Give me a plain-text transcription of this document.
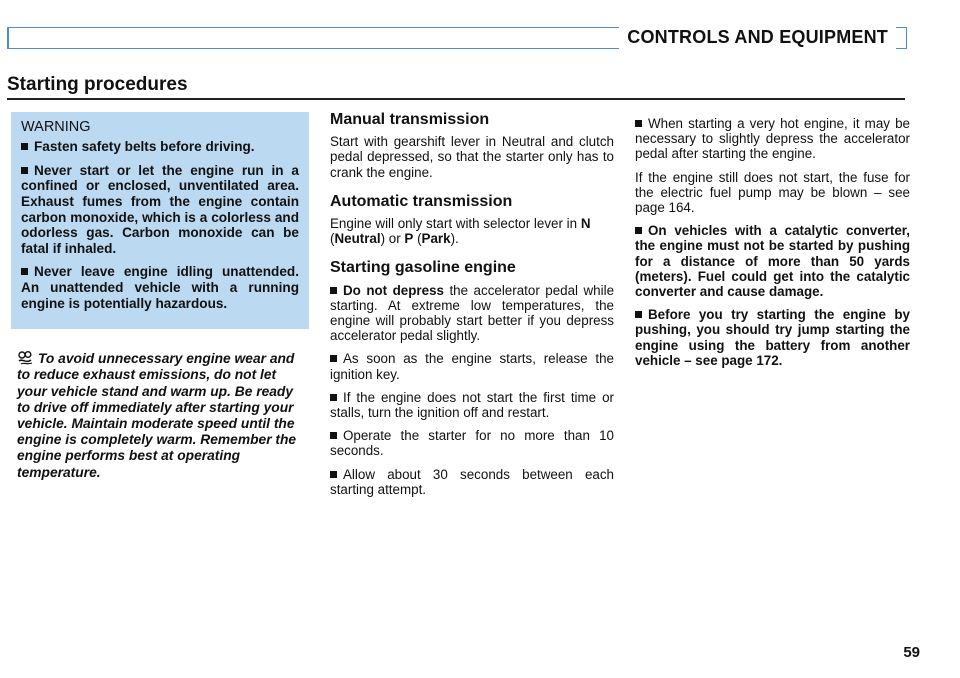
CONTROLS AND EQUIPMENT
Starting procedures
WARNING

Fasten safety belts before driving.

Never start or let the engine run in a confined or enclosed, unventilated area. Exhaust fumes from the engine contain carbon monoxide, which is a colorless and odorless gas. Carbon monoxide can be fatal if inhaled.

Never leave engine idling unattended. An unattended vehicle with a running engine is potentially hazardous.

To avoid unnecessary engine wear and to reduce exhaust emissions, do not let your vehicle stand and warm up. Be ready to drive off immediately after starting your vehicle. Maintain moderate speed until the engine is completely warm. Remember the engine performs best at operating temperature.
Manual transmission

Start with gearshift lever in Neutral and clutch pedal depressed, so that the starter only has to crank the engine.

Automatic transmission

Engine will only start with selector lever in N
(Neutral) or P (Park).

Starting gasoline engine

Do not depress the accelerator pedal while starting. At extreme low temperatures, the engine will probably start better if you depress accelerator pedal slightly.

As soon as the engine starts, release the ignition key.

If the engine does not start the first time or stalls, turn the ignition off and restart.

Operate the starter for no more than 10 seconds.

Allow about 30 seconds between each starting attempt.

When starting a very hot engine, it may be necessary to slightly depress the accelerator pedal after starting the engine.

If the engine still does not start, the fuse for the electric fuel pump may be blown – see page 164.

On vehicles with a catalytic converter, the engine must not be started by pushing for a distance of more than 50 yards (meters). Fuel could get into the catalytic converter and cause damage.

Before you try starting the engine by pushing, you should try jump starting the engine using the battery from another vehicle – see page 172.

59
